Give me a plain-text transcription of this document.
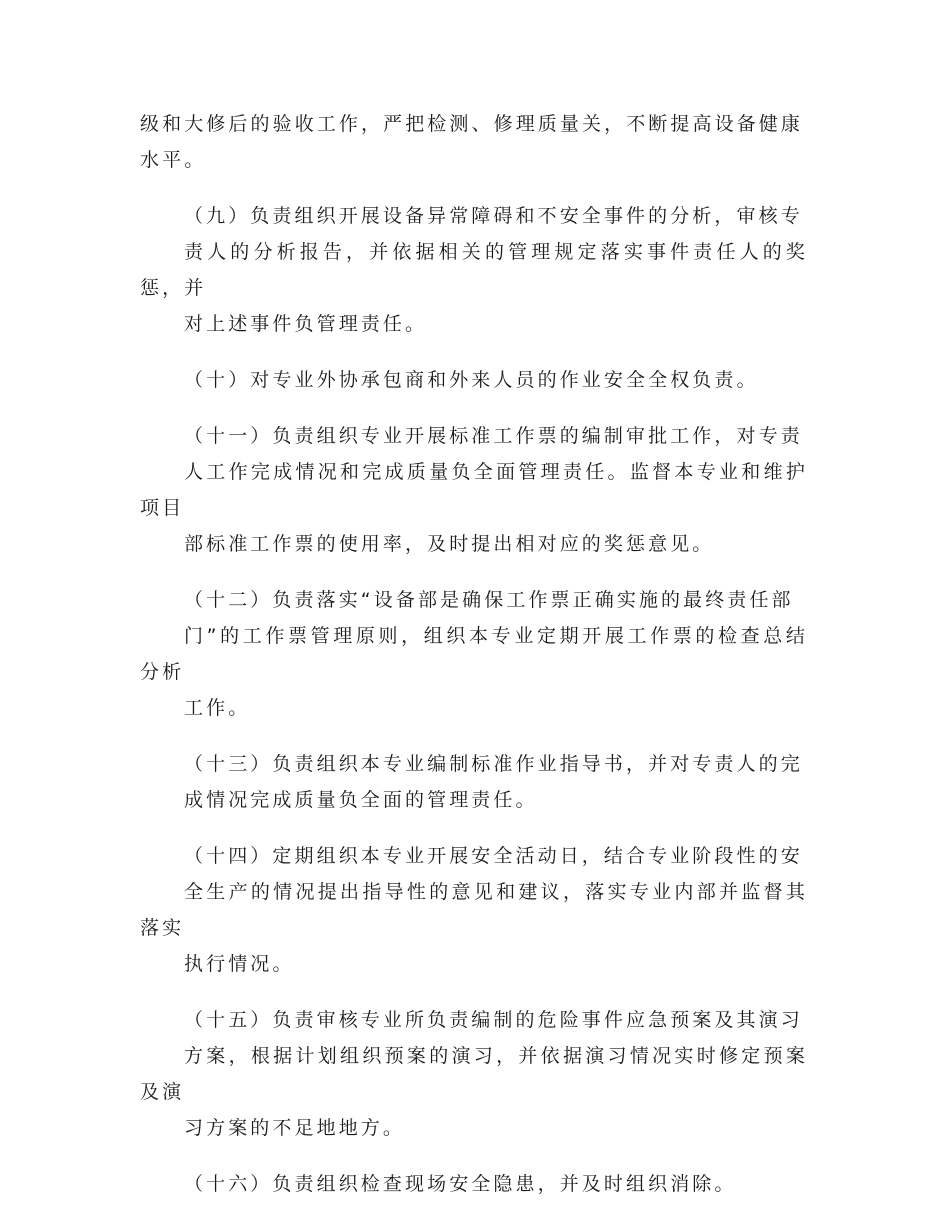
级和大修后的验收工作，严把检测、修理质量关，不断提高设备健康
水平。

（九）负责组织开展设备异常障碍和不安全事件的分析，审核专
责人的分析报告，并依据相关的管理规定落实事件责任人的奖惩，并
对上述事件负管理责任。

（十）对专业外协承包商和外来人员的作业安全全权负责。

（十一）负责组织专业开展标准工作票的编制审批工作，对专责
人工作完成情况和完成质量负全面管理责任。监督本专业和维护项目
部标准工作票的使用率，及时提出相对应的奖惩意见。

（十二）负责落实“设备部是确保工作票正确实施的最终责任部
门”的工作票管理原则，组织本专业定期开展工作票的检查总结分析
工作。

（十三）负责组织本专业编制标准作业指导书，并对专责人的完
成情况完成质量负全面的管理责任。

（十四）定期组织本专业开展安全活动日，结合专业阶段性的安
全生产的情况提出指导性的意见和建议，落实专业内部并监督其落实
执行情况。

（十五）负责审核专业所负责编制的危险事件应急预案及其演习
方案，根据计划组织预案的演习，并依据演习情况实时修定预案及演
习方案的不足地地方。

（十六）负责组织检查现场安全隐患，并及时组织消除。
